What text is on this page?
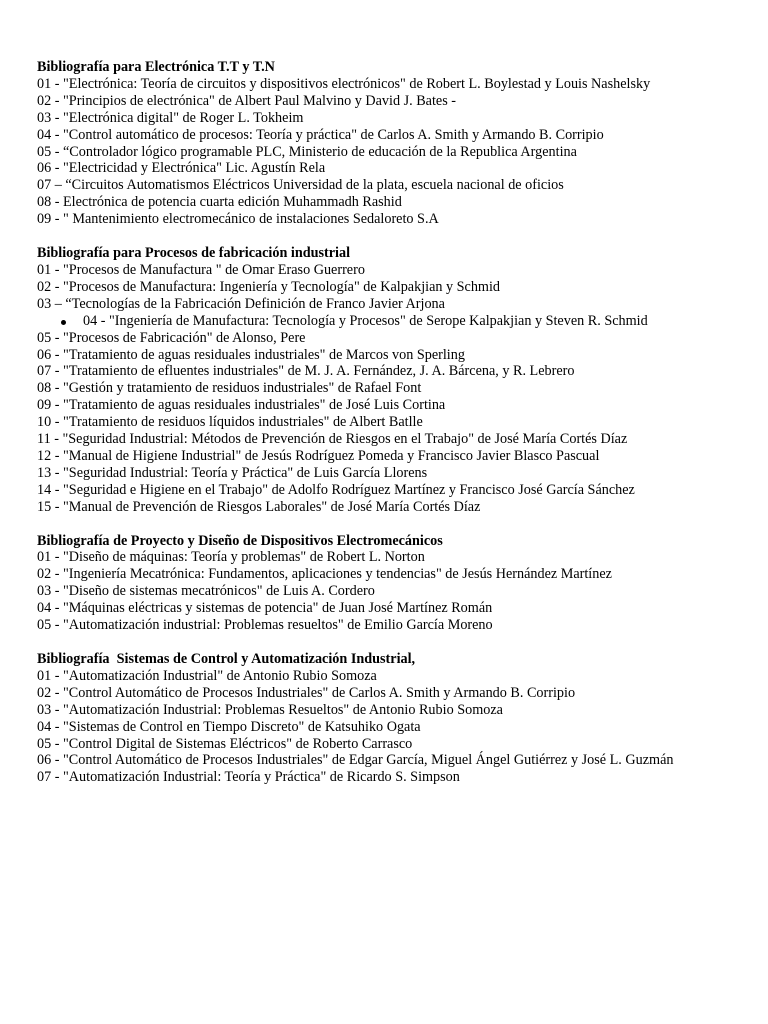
Bibliografía para Electrónica T.T y T.N
01 - "Electrónica: Teoría de circuitos y dispositivos electrónicos" de Robert L. Boylestad y Louis Nashelsky
02 - "Principios de electrónica" de Albert Paul Malvino y David J. Bates -
03 - "Electrónica digital" de Roger L. Tokheim
04 - "Control automático de procesos: Teoría y práctica" de Carlos A. Smith y Armando B. Corripio
05 - “Controlador lógico programable PLC, Ministerio de educación de la Republica Argentina
06 - "Electricidad y Electrónica" Lic. Agustín Rela
07 – “Circuitos Automatismos Eléctricos Universidad de la plata, escuela nacional de oficios
08 - Electrónica de potencia cuarta edición Muhammadh Rashid
09 - " Mantenimiento electromecánico de instalaciones Sedaloreto S.A
Bibliografía para Procesos de fabricación industrial
01 - "Procesos de Manufactura " de Omar Eraso Guerrero
02 - "Procesos de Manufactura: Ingeniería y Tecnología" de Kalpakjian y Schmid
03 – “Tecnologías de la Fabricación Definición de Franco Javier Arjona
04 - "Ingeniería de Manufactura: Tecnología y Procesos" de Serope Kalpakjian y Steven R. Schmid
05 - "Procesos de Fabricación" de Alonso, Pere
06 - "Tratamiento de aguas residuales industriales" de Marcos von Sperling
07 - "Tratamiento de efluentes industriales" de M. J. A. Fernández, J. A. Bárcena, y R. Lebrero
08 - "Gestión y tratamiento de residuos industriales" de Rafael Font
09 - "Tratamiento de aguas residuales industriales" de José Luis Cortina
10 - "Tratamiento de residuos líquidos industriales" de Albert Batlle
11 - "Seguridad Industrial: Métodos de Prevención de Riesgos en el Trabajo" de José María Cortés Díaz
12 - "Manual de Higiene Industrial" de Jesús Rodríguez Pomeda y Francisco Javier Blasco Pascual
13 - "Seguridad Industrial: Teoría y Práctica" de Luis García Llorens
14 - "Seguridad e Higiene en el Trabajo" de Adolfo Rodríguez Martínez y Francisco José García Sánchez
15 - "Manual de Prevención de Riesgos Laborales" de José María Cortés Díaz
Bibliografía de Proyecto y Diseño de Dispositivos Electromecánicos
01 - "Diseño de máquinas: Teoría y problemas" de Robert L. Norton
02 - "Ingeniería Mecatrónica: Fundamentos, aplicaciones y tendencias" de Jesús Hernández Martínez
03 - "Diseño de sistemas mecatrónicos" de Luis A. Cordero
04 - "Máquinas eléctricas y sistemas de potencia" de Juan José Martínez Román
05 - "Automatización industrial: Problemas resueltos" de Emilio García Moreno
Bibliografía  Sistemas de Control y Automatización Industrial,
01 - "Automatización Industrial" de Antonio Rubio Somoza
02 - "Control Automático de Procesos Industriales" de Carlos A. Smith y Armando B. Corripio
03 - "Automatización Industrial: Problemas Resueltos" de Antonio Rubio Somoza
04 - "Sistemas de Control en Tiempo Discreto" de Katsuhiko Ogata
05 - "Control Digital de Sistemas Eléctricos" de Roberto Carrasco
06 - "Control Automático de Procesos Industriales" de Edgar García, Miguel Ángel Gutiérrez y José L. Guzmán
07 - "Automatización Industrial: Teoría y Práctica" de Ricardo S. Simpson
